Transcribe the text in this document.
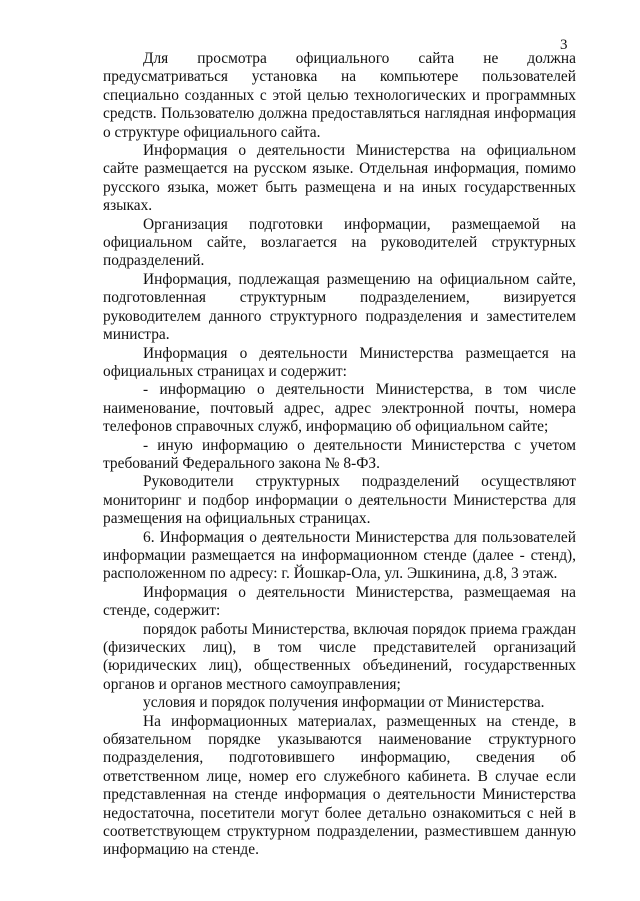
3

Для просмотра официального сайта не должна предусматриваться установка на компьютере пользователей специально созданных с этой целью технологических и программных средств. Пользователю должна предоставляться наглядная информация о структуре официального сайта.

Информация о деятельности Министерства на официальном сайте размещается на русском языке. Отдельная информация, помимо русского языка, может быть размещена и на иных государственных языках.

Организация подготовки информации, размещаемой на официальном сайте, возлагается на руководителей структурных подразделений.

Информация, подлежащая размещению на официальном сайте, подготовленная структурным подразделением, визируется руководителем данного структурного подразделения и заместителем министра.

Информация о деятельности Министерства размещается на официальных страницах и содержит:

- информацию о деятельности Министерства, в том числе наименование, почтовый адрес, адрес электронной почты, номера телефонов справочных служб, информацию об официальном сайте;

- иную информацию о деятельности Министерства с учетом требований Федерального закона № 8-ФЗ.

Руководители структурных подразделений осуществляют мониторинг и подбор информации о деятельности Министерства для размещения на официальных страницах.

6. Информация о деятельности Министерства для пользователей информации размещается на информационном стенде (далее - стенд), расположенном по адресу: г. Йошкар-Ола, ул. Эшкинина, д.8, 3 этаж.

Информация о деятельности Министерства, размещаемая на стенде, содержит:

порядок работы Министерства, включая порядок приема граждан (физических лиц), в том числе представителей организаций (юридических лиц), общественных объединений, государственных органов и органов местного самоуправления;

условия и порядок получения информации от Министерства.

На информационных материалах, размещенных на стенде, в обязательном порядке указываются наименование структурного подразделения, подготовившего информацию, сведения об ответственном лице, номер его служебного кабинета. В случае если представленная на стенде информация о деятельности Министерства недостаточна, посетители могут более детально ознакомиться с ней в соответствующем структурном подразделении, разместившем данную информацию на стенде.
